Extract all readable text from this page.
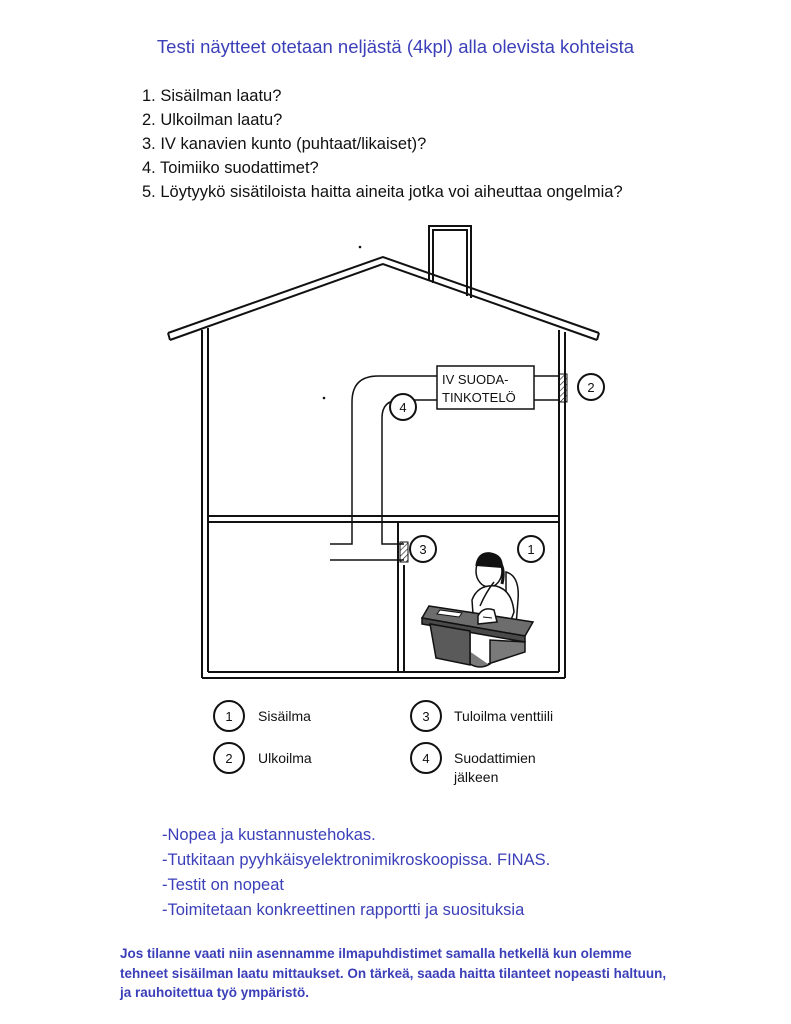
Testi näytteet otetaan neljästä (4kpl) alla olevista kohteista
1. Sisäilman laatu?
2. Ulkoilman laatu?
3. IV kanavien kunto (puhtaat/likaiset)?
4. Toimiiko suodattimet?
5. Löytyykö sisätiloista haitta aineita jotka voi aiheuttaa ongelmia?
IV SUODA-
TINKOTELÖ
2
4
3	1
1
2
3
4
Sisäilma
Ulkoilma
Tuloilma venttiili
Suodattimien
jälkeen
-Nopea ja kustannustehokas.
-Tutkitaan pyyhkäisyelektronimikroskoopissa. FINAS.
-Testit on nopeat
-Toimitetaan konkreettinen rapportti ja suosituksia

Jos tilanne vaati niin asennamme ilmapuhdistimet samalla hetkellä kun olemme tehneet sisäilman laatu mittaukset. On tärkeä, saada haitta tilanteet nopeasti haltuun, ja rauhoitettua työ ympäristö.
